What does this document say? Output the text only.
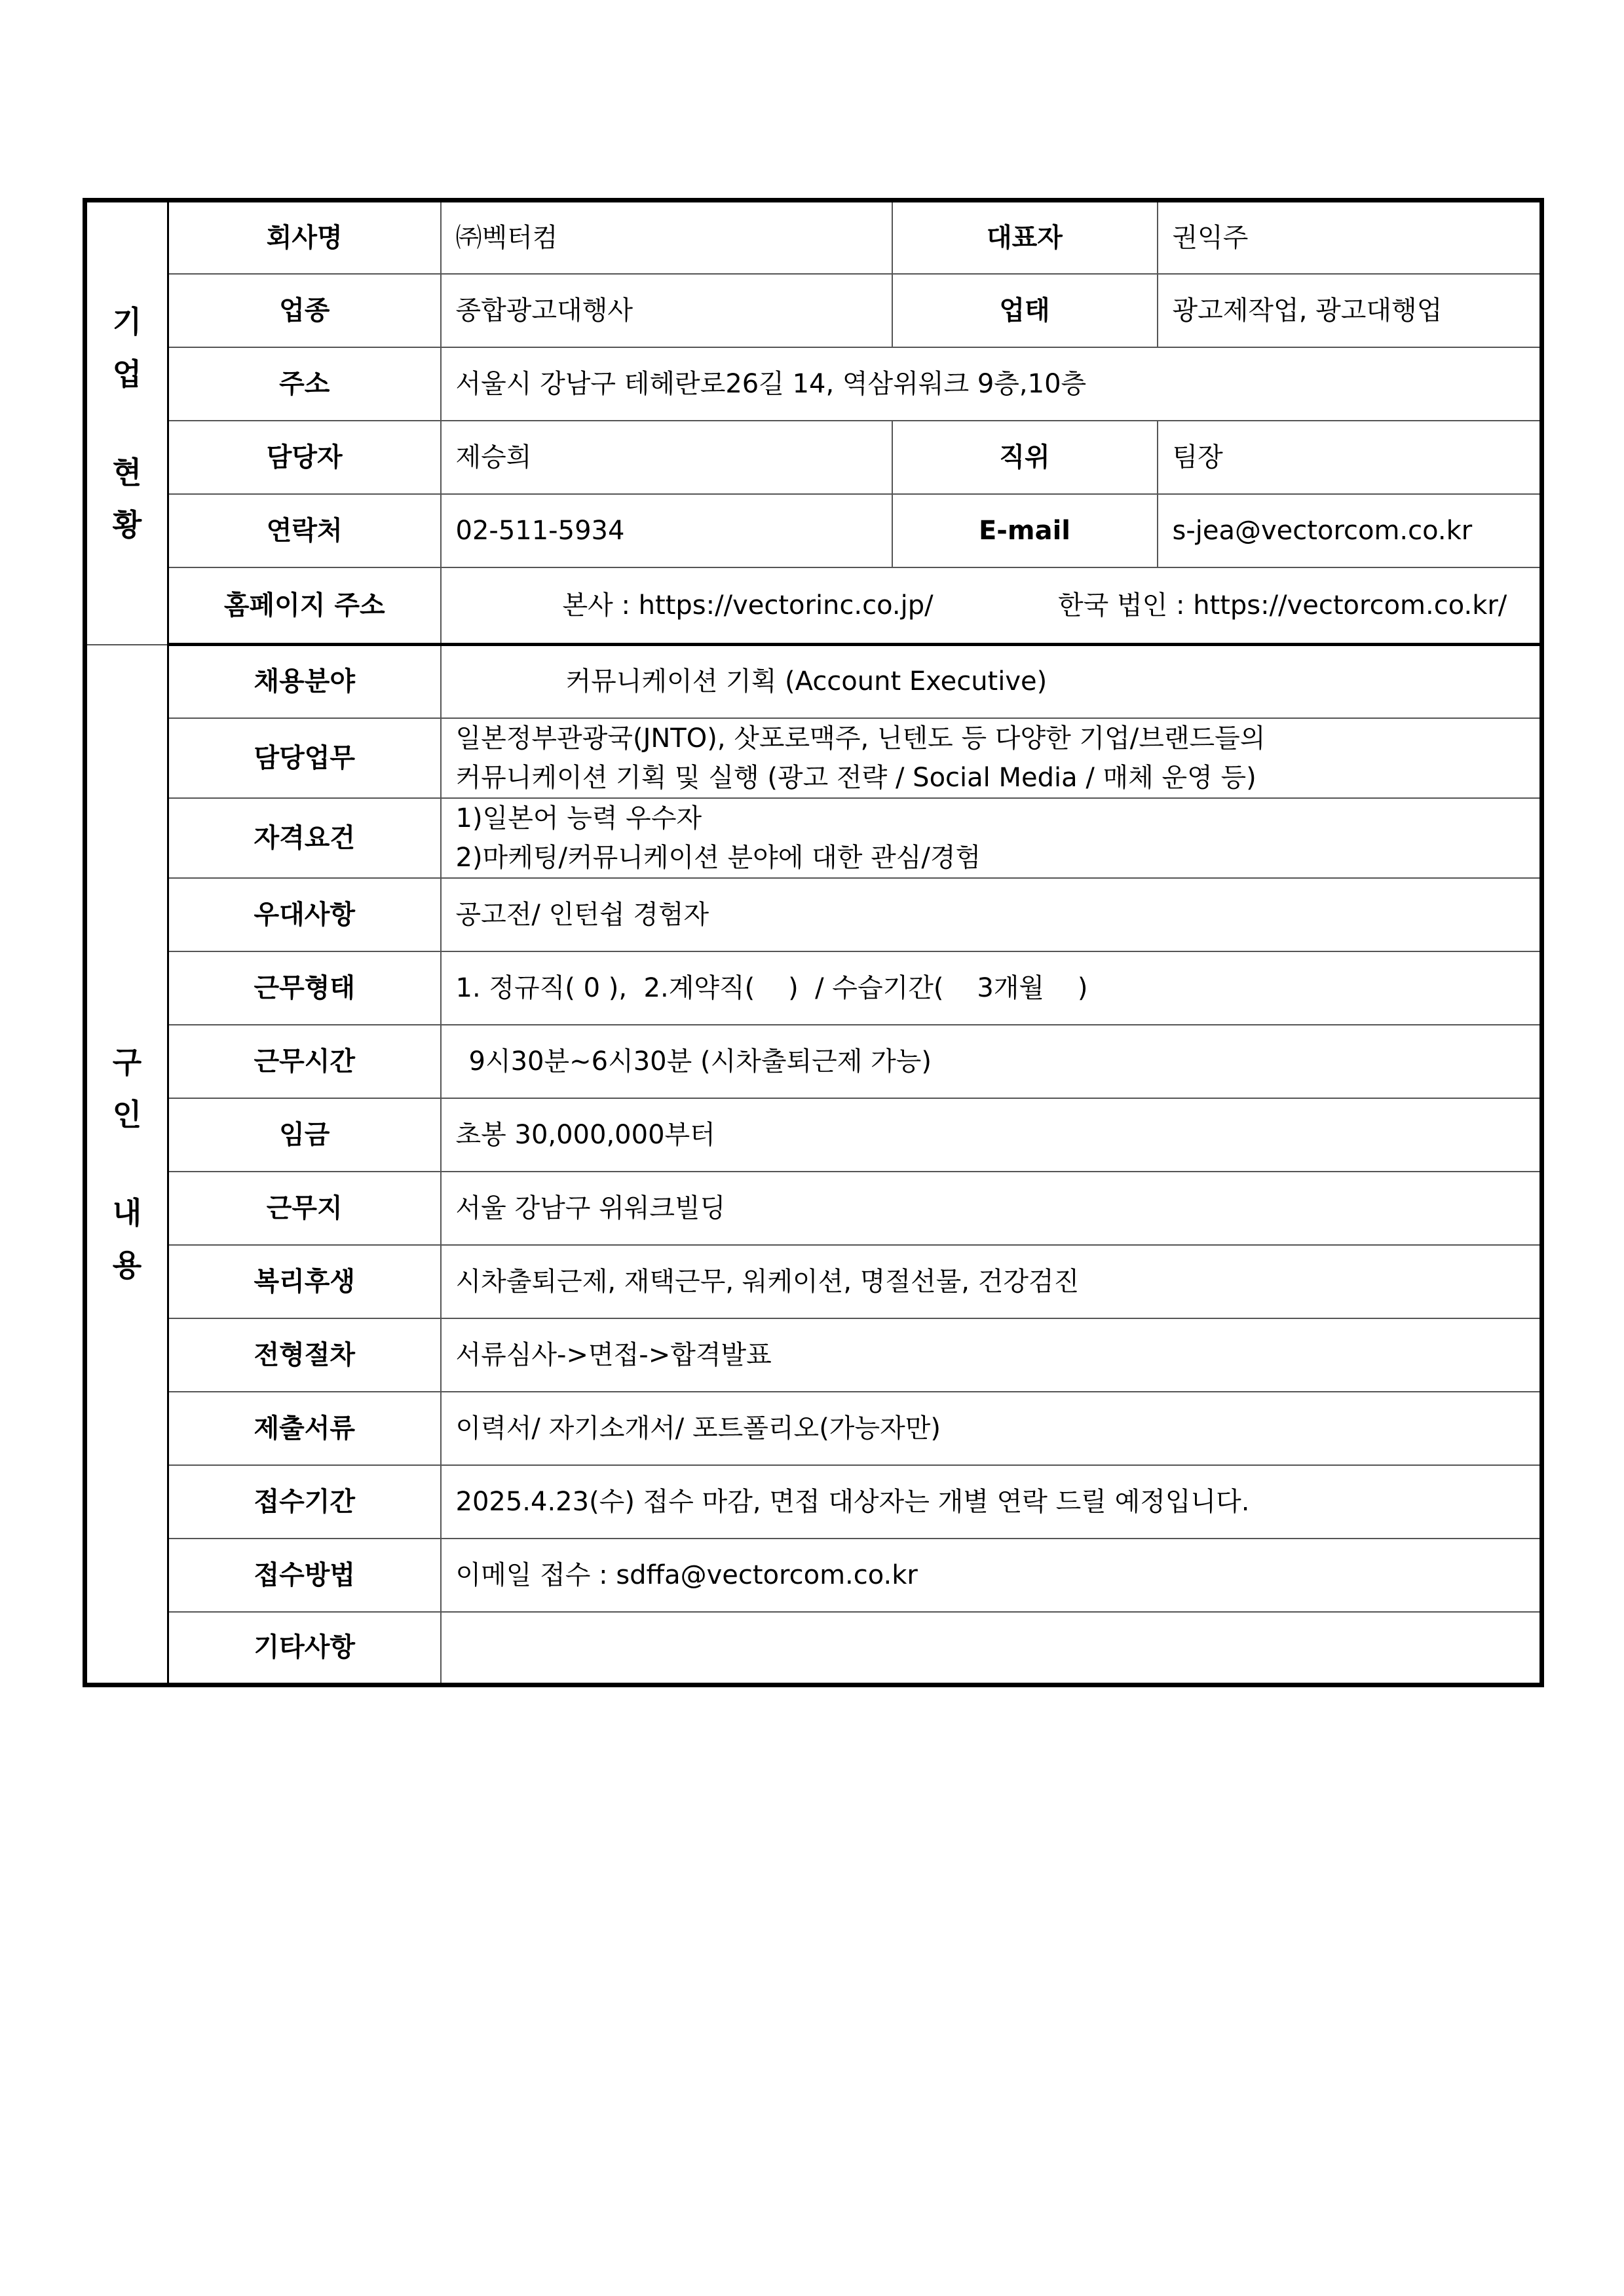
기
업
현
황	회사명	㈜벡터컴	대표자	권익주
	업종	종합광고대행사	업태	광고제작업, 광고대행업
	주소	서울시 강남구 테헤란로26길 14, 역삼위워크 9층,10층		
	담당자	제승희	직위	팀장
	연락처	02-511-5934	E-mail	s-jea@vectorcom.co.kr
	홈페이지 주소	본사 : https://vectorinc.co.jp/ 한국 법인 : https://vectorcom.co.kr/		

구
인
내
용	채용분야	커뮤니케이션 기획 (Account Executive)		
	담당업무	일본정부관광국(JNTO), 삿포로맥주, 닌텐도 등 다양한 기업/브랜드들의
커뮤니케이션 기획 및 실행 (광고 전략 / Social Media / 매체 운영 등)		

	자격요건	1)일본어 능력 우수자
2)마케팅/커뮤니케이션 분야에 대한 관심/경험		

	우대사항	공고전/ 인턴쉽 경험자		
	근무형태	1. 정규직( 0 ),  2.계약직(    )  / 수습기간(    3개월    )		
	근무시간	9시30분~6시30분 (시차출퇴근제 가능)		
	임금	초봉 30,000,000부터		
	근무지	서울 강남구 위워크빌딩		
	복리후생	시차출퇴근제, 재택근무, 워케이션, 명절선물, 건강검진		
	전형절차	서류심사->면접->합격발표		
	제출서류	이력서/ 자기소개서/ 포트폴리오(가능자만)		
	접수기간	2025.4.23(수) 접수 마감, 면접 대상자는 개별 연락 드릴 예정입니다.		
	접수방법	이메일 접수 : sdffa@vectorcom.co.kr		
	기타사항			
